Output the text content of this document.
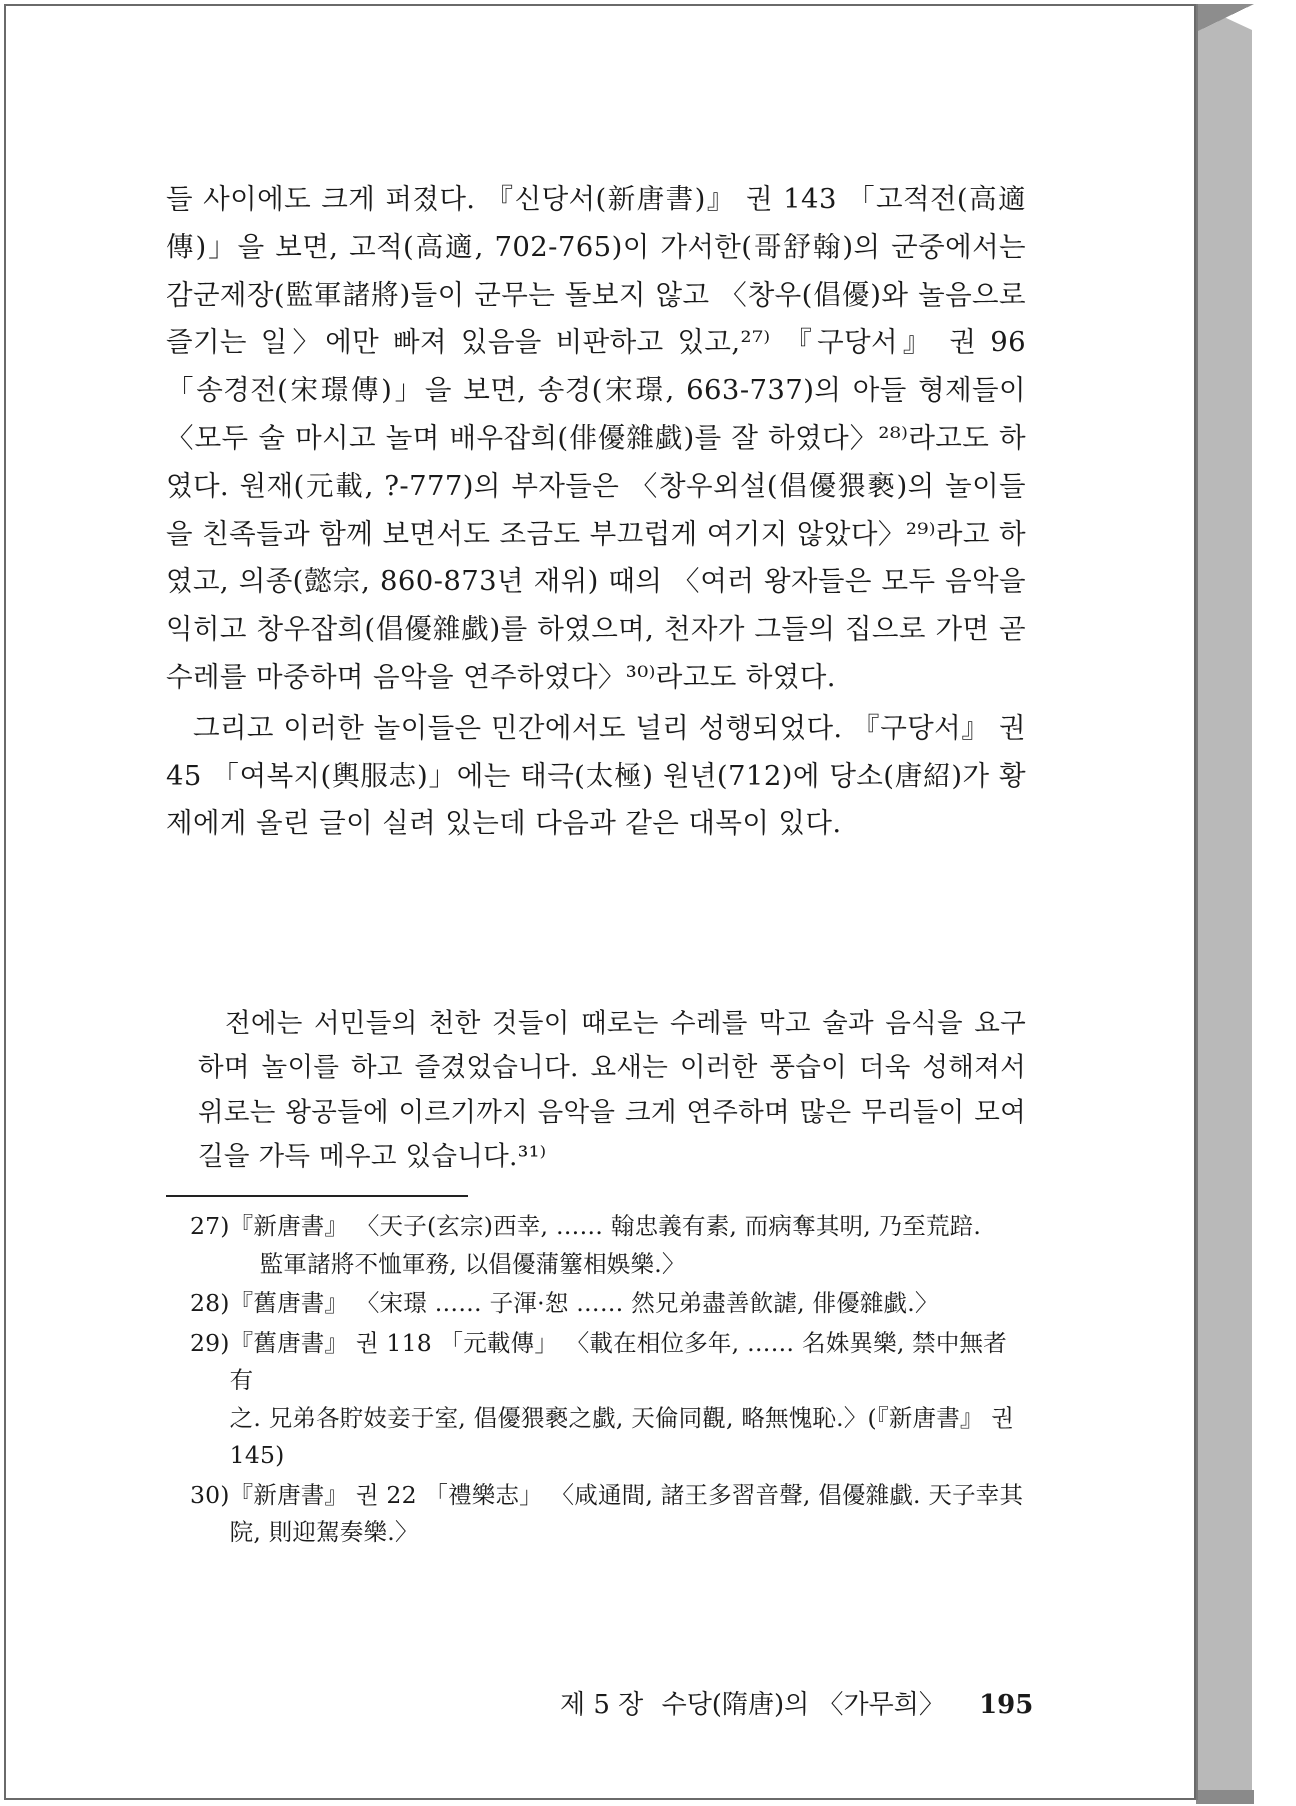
들 사이에도 크게 퍼졌다. 『신당서(新唐書)』 권 143 「고적전(高適傳)」을 보면, 고적(高適, 702-765)이 가서한(哥舒翰)의 군중에서는 감군제장(監軍諸將)들이 군무는 돌보지 않고 〈창우(倡優)와 놀음으로 즐기는 일〉에만 빠져 있음을 비판하고 있고,²⁷⁾ 『구당서』 권 96 「송경전(宋璟傳)」을 보면, 송경(宋璟, 663-737)의 아들 형제들이 〈모두 술 마시고 놀며 배우잡희(俳優雜戱)를 잘 하였다〉²⁸⁾라고도 하였다. 원재(元載, ?-777)의 부자들은 〈창우외설(倡優猥褻)의 놀이들을 친족들과 함께 보면서도 조금도 부끄럽게 여기지 않았다〉²⁹⁾라고 하였고, 의종(懿宗, 860-873년 재위) 때의 〈여러 왕자들은 모두 음악을 익히고 창우잡희(倡優雜戱)를 하였으며, 천자가 그들의 집으로 가면 곧 수레를 마중하며 음악을 연주하였다〉³⁰⁾라고도 하였다.

그리고 이러한 놀이들은 민간에서도 널리 성행되었다. 『구당서』 권 45 「여복지(輿服志)」에는 태극(太極) 원년(712)에 당소(唐紹)가 황제에게 올린 글이 실려 있는데 다음과 같은 대목이 있다.

전에는 서민들의 천한 것들이 때로는 수레를 막고 술과 음식을 요구하며 놀이를 하고 즐겼었습니다. 요새는 이러한 풍습이 더욱 성해져서 위로는 왕공들에 이르기까지 음악을 크게 연주하며 많은 무리들이 모여 길을 가득 메우고 있습니다.³¹⁾

27) 『新唐書』 〈天子(玄宗)西幸, …… 翰忠義有素, 而病奪其明, 乃至荒踣.
監軍諸將不恤軍務, 以倡優蒲簺相娛樂.〉
28) 『舊唐書』 〈宋璟 …… 子渾·恕 …… 然兄弟盡善飮謔, 俳優雜戱.〉
29) 『舊唐書』 권 118 「元載傳」 〈載在相位多年, …… 名姝異樂, 禁中無者有
之. 兄弟各貯妓妾于室, 倡優猥褻之戱, 天倫同觀, 略無愧恥.〉(『新唐書』 권
145)
30) 『新唐書』 권 22 「禮樂志」 〈咸通間, 諸王多習音聲, 倡優雜戱. 天子幸其
院, 則迎駕奏樂.〉
제 5 장 수당(隋唐)의 〈가무희〉 195
